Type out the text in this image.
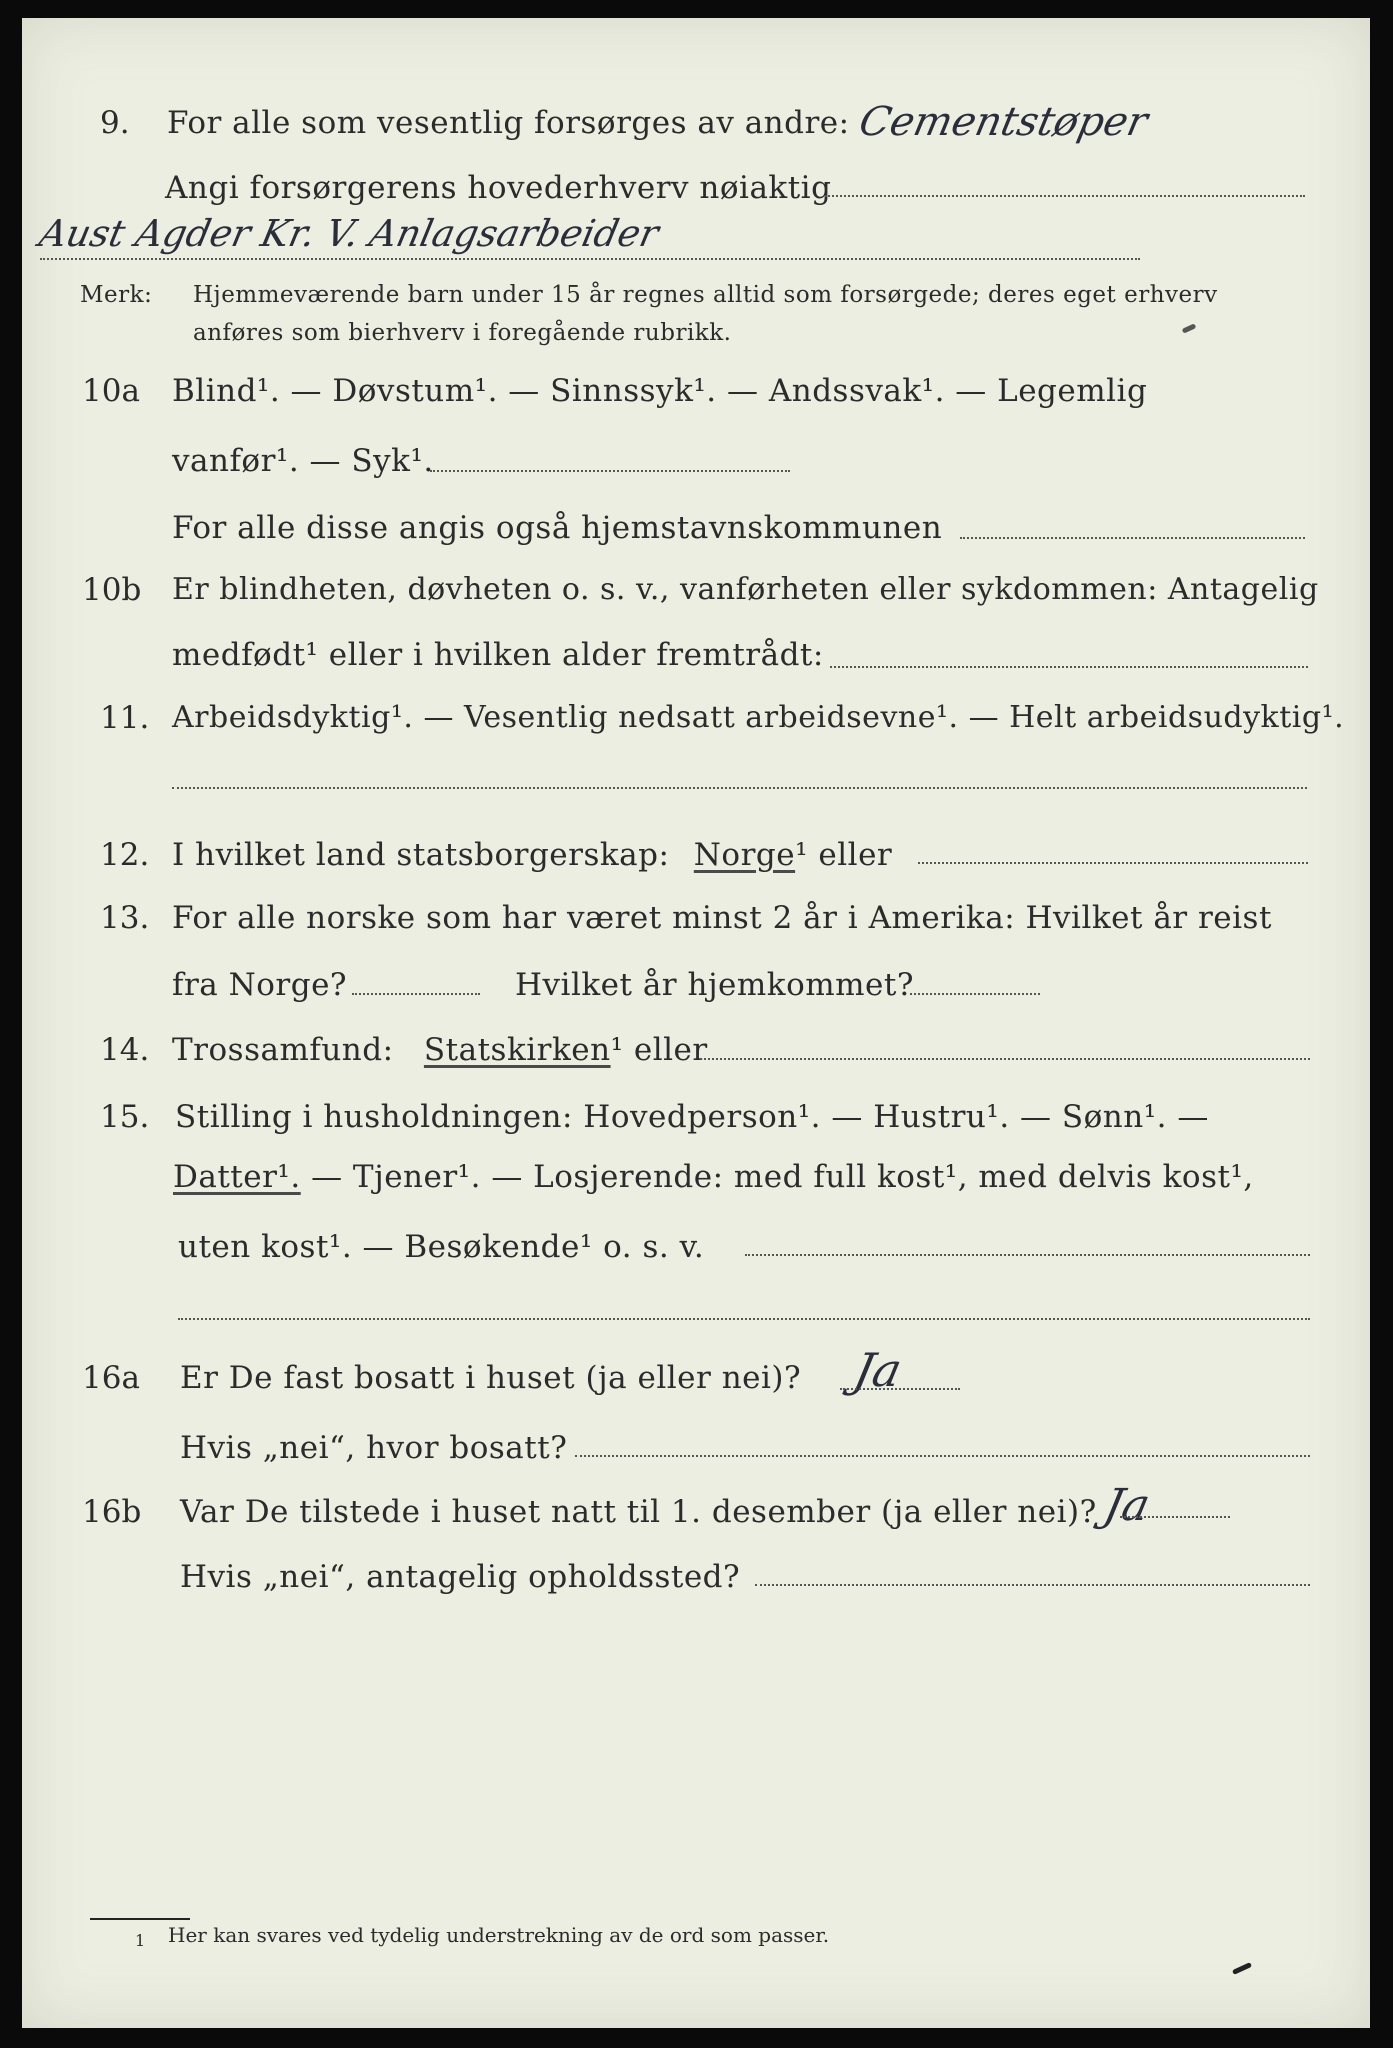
9. For alle som vesentlig forsørges av andre: Cementstøper
Angi forsørgerens hovederhverv nøiaktig
Aust Agder Kr. V. Anlagsarbeider
Merk: Hjemmeværende barn under 15 år regnes alltid som forsørgede; deres eget erhverv
anføres som bierhverv i foregående rubrikk.
10a Blind¹. — Døvstum¹. — Sinnssyk¹. — Andssvak¹. — Legemlig
vanfør¹. — Syk¹.
For alle disse angis også hjemstavnskommunen
10b Er blindheten, døvheten o. s. v., vanførheten eller sykdommen: Antagelig
medfødt¹ eller i hvilken alder fremtrådt:
11. Arbeidsdyktig¹. — Vesentlig nedsatt arbeidsevne¹. — Helt arbeidsudyktig¹.
12. I hvilket land statsborgerskap: Norge¹ eller
13. For alle norske som har været minst 2 år i Amerika: Hvilket år reist
fra Norge?	Hvilket år hjemkommet?
14. Trossamfund: Statskirken¹ eller
15. Stilling i husholdningen: Hovedperson¹. — Hustru¹. — Sønn¹. —
Datter¹. — Tjener¹. — Losjerende: med full kost¹, med delvis kost¹,
uten kost¹. — Besøkende¹ o. s. v.
16a Er De fast bosatt i huset (ja eller nei)? Ja
Hvis „nei“, hvor bosatt?
16b Var De tilstede i huset natt til 1. desember (ja eller nei)? Ja
Hvis „nei“, antagelig opholdssted?
1 Her kan svares ved tydelig understrekning av de ord som passer.
